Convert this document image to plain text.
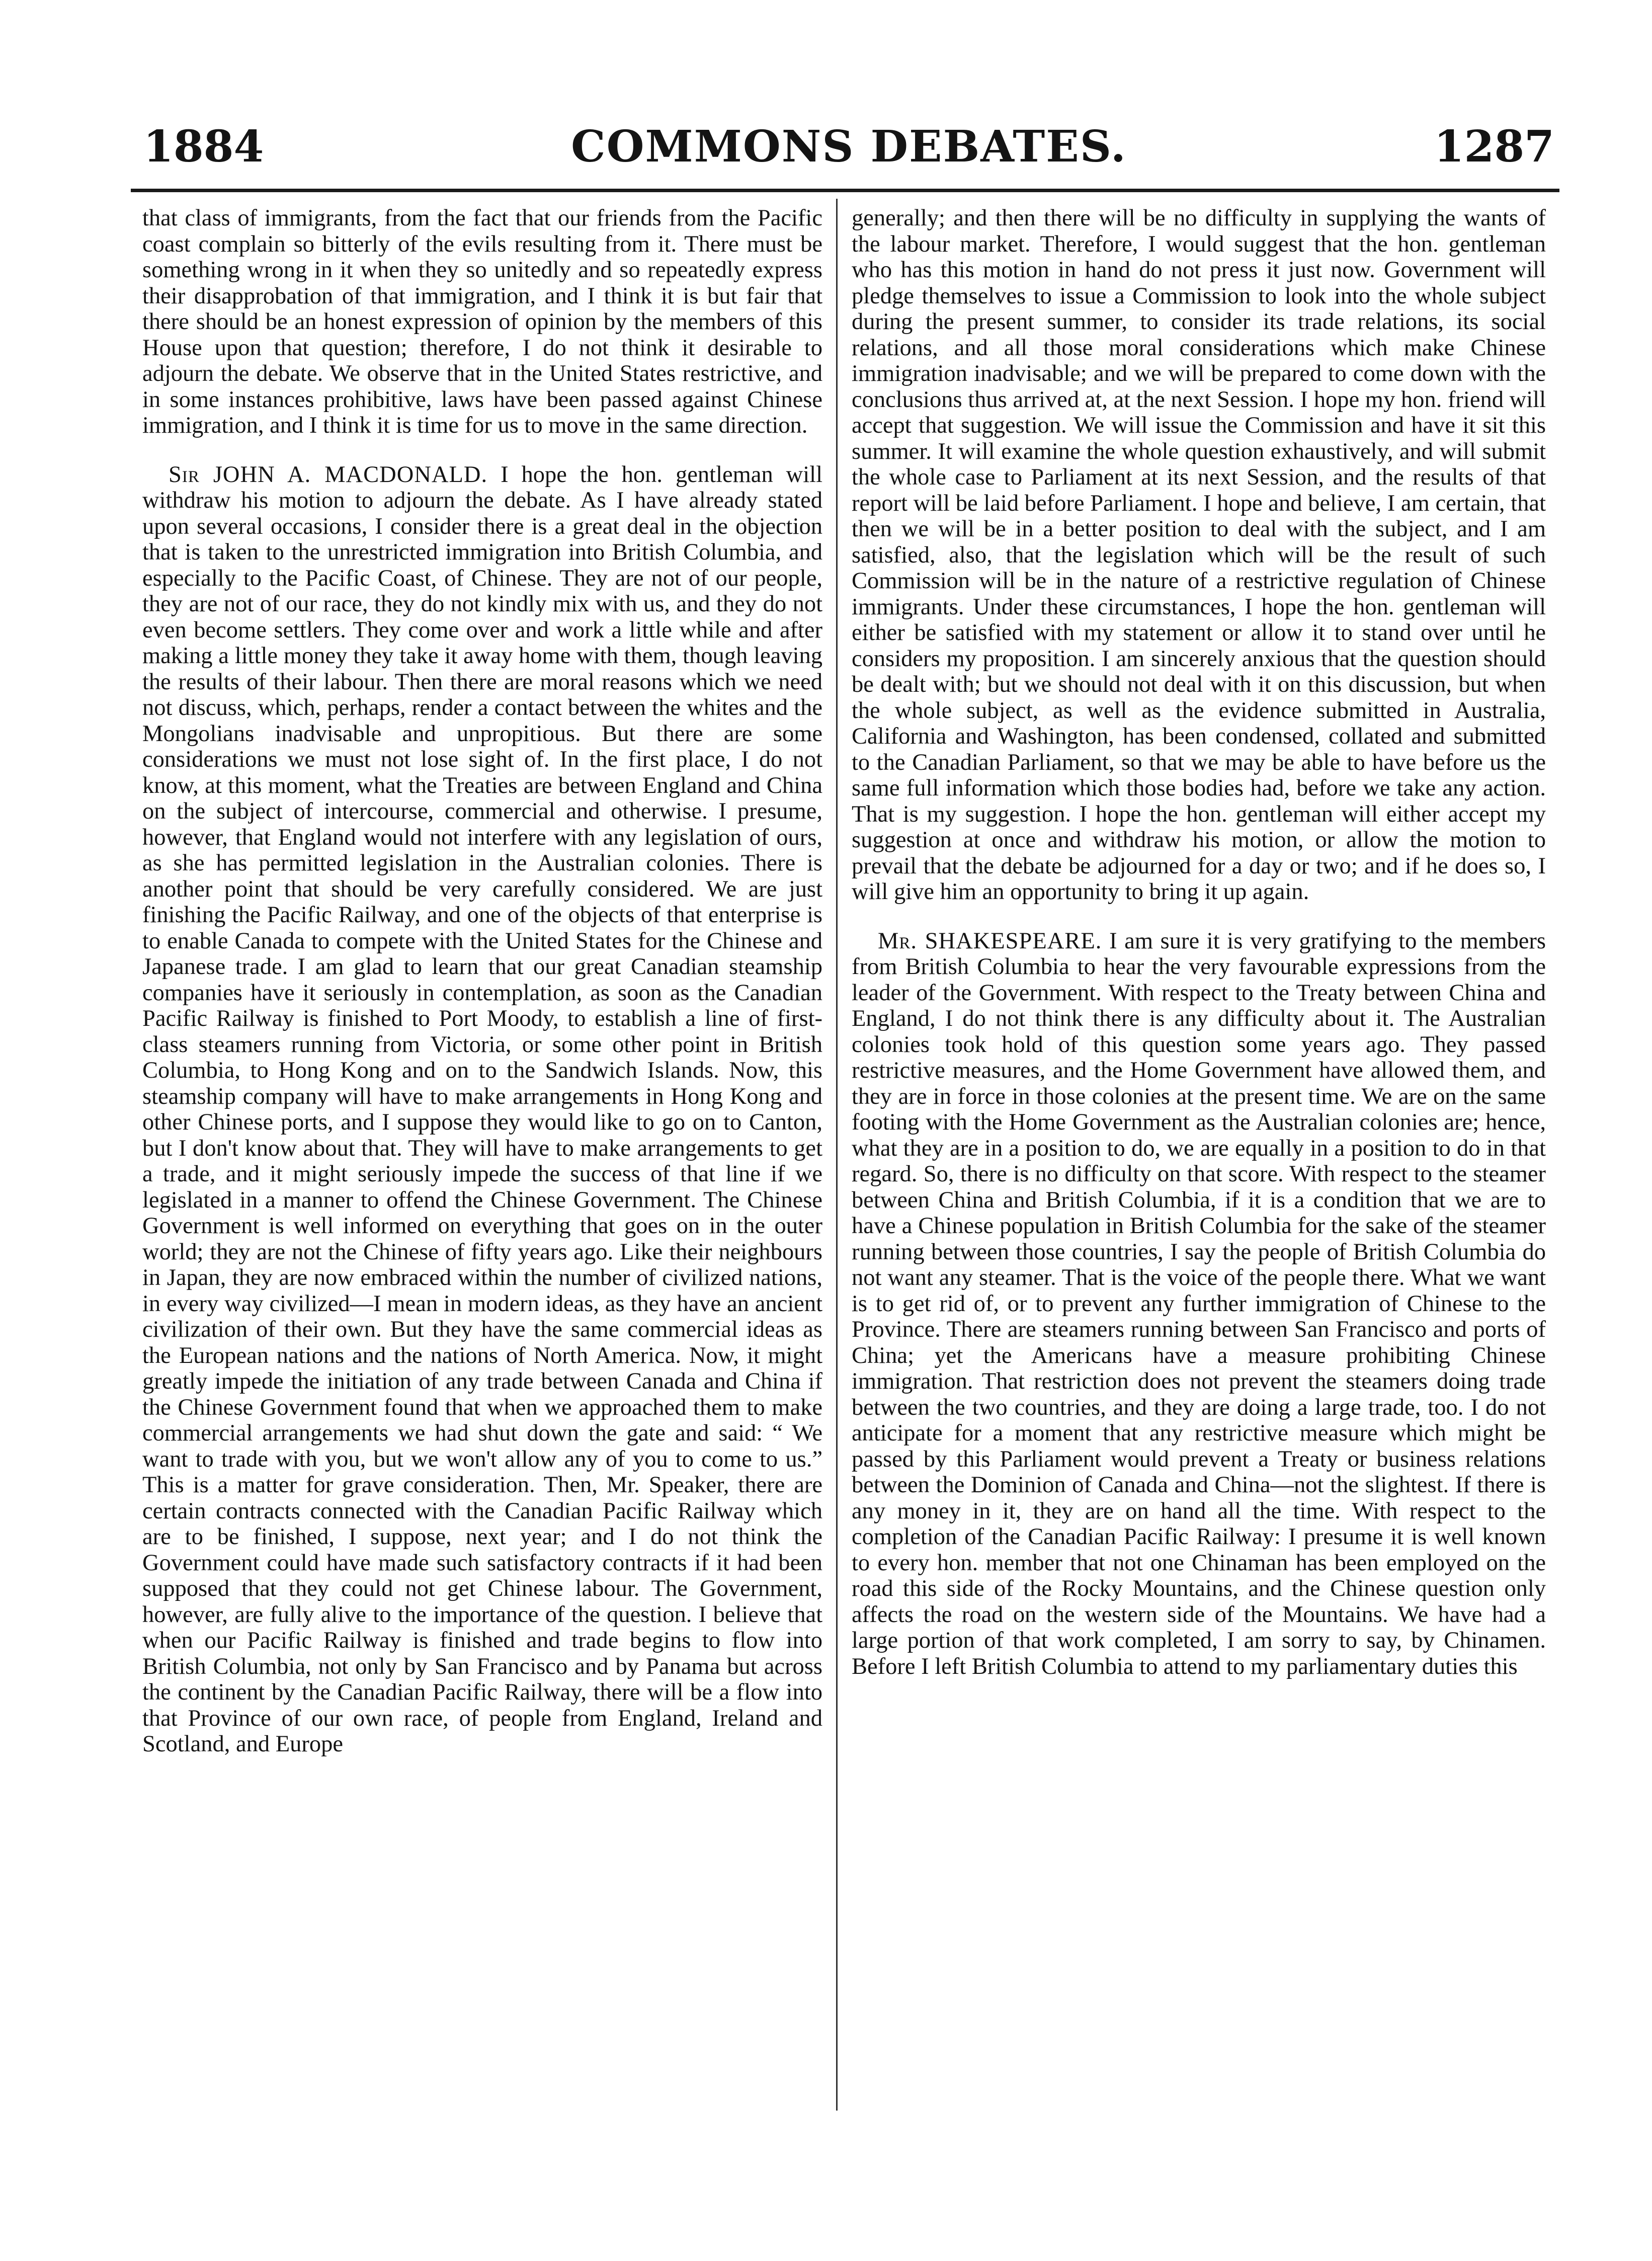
1884	COMMONS DEBATES.	1287

that class of immigrants, from the fact that our friends from the Pacific coast complain so bitterly of the evils resulting from it. There must be something wrong in it when they so unitedly and so repeatedly express their disapprobation of that immigration, and I think it is but fair that there should be an honest expression of opinion by the members of this House upon that question; therefore, I do not think it desirable to adjourn the debate. We observe that in the United States restrictive, and in some instances prohibitive, laws have been passed against Chinese immigration, and I think it is time for us to move in the same direction.

Sir JOHN A. MACDONALD. I hope the hon. gentleman will withdraw his motion to adjourn the debate. As I have already stated upon several occasions, I consider there is a great deal in the objection that is taken to the unrestricted immigration into British Columbia, and especially to the Pacific Coast, of Chinese. They are not of our people, they are not of our race, they do not kindly mix with us, and they do not even become settlers. They come over and work a little while and after making a little money they take it away home with them, though leaving the results of their labour. Then there are moral reasons which we need not discuss, which, perhaps, render a contact between the whites and the Mongolians inadvisable and unpropitious. But there are some considerations we must not lose sight of. In the first place, I do not know, at this moment, what the Treaties are between England and China on the subject of intercourse, commercial and otherwise. I presume, however, that England would not interfere with any legislation of ours, as she has permitted legislation in the Australian colonies. There is another point that should be very carefully considered. We are just finishing the Pacific Railway, and one of the objects of that enterprise is to enable Canada to compete with the United States for the Chinese and Japanese trade. I am glad to learn that our great Canadian steamship companies have it seriously in contemplation, as soon as the Canadian Pacific Railway is finished to Port Moody, to establish a line of first-class steamers running from Victoria, or some other point in British Columbia, to Hong Kong and on to the Sandwich Islands. Now, this steamship company will have to make arrangements in Hong Kong and other Chinese ports, and I suppose they would like to go on to Canton, but I don't know about that. They will have to make arrangements to get a trade, and it might seriously impede the success of that line if we legislated in a manner to offend the Chinese Government. The Chinese Government is well informed on everything that goes on in the outer world; they are not the Chinese of fifty years ago. Like their neighbours in Japan, they are now embraced within the number of civilized nations, in every way civilized—I mean in modern ideas, as they have an ancient civilization of their own. But they have the same commercial ideas as the European nations and the nations of North America. Now, it might greatly impede the initiation of any trade between Canada and China if the Chinese Government found that when we approached them to make commercial arrangements we had shut down the gate and said: “ We want to trade with you, but we won't allow any of you to come to us.” This is a matter for grave consideration. Then, Mr. Speaker, there are certain contracts connected with the Canadian Pacific Railway which are to be finished, I suppose, next year; and I do not think the Government could have made such satisfactory contracts if it had been supposed that they could not get Chinese labour. The Government, however, are fully alive to the importance of the question. I believe that when our Pacific Railway is finished and trade begins to flow into British Columbia, not only by San Francisco and by Panama but across the continent by the Canadian Pacific Railway, there will be a flow into that Province of our own race, of people from England, Ireland and Scotland, and Europe

generally; and then there will be no difficulty in supplying the wants of the labour market. Therefore, I would suggest that the hon. gentleman who has this motion in hand do not press it just now. Government will pledge themselves to issue a Commission to look into the whole subject during the present summer, to consider its trade relations, its social relations, and all those moral considerations which make Chinese immigration inadvisable; and we will be prepared to come down with the conclusions thus arrived at, at the next Session. I hope my hon. friend will accept that suggestion. We will issue the Commission and have it sit this summer. It will examine the whole question exhaustively, and will submit the whole case to Parliament at its next Session, and the results of that report will be laid before Parliament. I hope and believe, I am certain, that then we will be in a better position to deal with the subject, and I am satisfied, also, that the legislation which will be the result of such Commission will be in the nature of a restrictive regulation of Chinese immigrants. Under these circumstances, I hope the hon. gentleman will either be satisfied with my statement or allow it to stand over until he considers my proposition. I am sincerely anxious that the question should be dealt with; but we should not deal with it on this discussion, but when the whole subject, as well as the evidence submitted in Australia, California and Washington, has been condensed, collated and submitted to the Canadian Parliament, so that we may be able to have before us the same full information which those bodies had, before we take any action. That is my suggestion. I hope the hon. gentleman will either accept my suggestion at once and withdraw his motion, or allow the motion to prevail that the debate be adjourned for a day or two; and if he does so, I will give him an opportunity to bring it up again.

Mr. SHAKESPEARE. I am sure it is very gratifying to the members from British Columbia to hear the very favourable expressions from the leader of the Government. With respect to the Treaty between China and England, I do not think there is any difficulty about it. The Australian colonies took hold of this question some years ago. They passed restrictive measures, and the Home Government have allowed them, and they are in force in those colonies at the present time. We are on the same footing with the Home Government as the Australian colonies are; hence, what they are in a position to do, we are equally in a position to do in that regard. So, there is no difficulty on that score. With respect to the steamer between China and British Columbia, if it is a condition that we are to have a Chinese population in British Columbia for the sake of the steamer running between those countries, I say the people of British Columbia do not want any steamer. That is the voice of the people there. What we want is to get rid of, or to prevent any further immigration of Chinese to the Province. There are steamers running between San Francisco and ports of China; yet the Americans have a measure prohibiting Chinese immigration. That restriction does not prevent the steamers doing trade between the two countries, and they are doing a large trade, too. I do not anticipate for a moment that any restrictive measure which might be passed by this Parliament would prevent a Treaty or business relations between the Dominion of Canada and China—not the slightest. If there is any money in it, they are on hand all the time. With respect to the completion of the Canadian Pacific Railway: I presume it is well known to every hon. member that not one Chinaman has been employed on the road this side of the Rocky Mountains, and the Chinese question only affects the road on the western side of the Mountains. We have had a large portion of that work completed, I am sorry to say, by Chinamen. Before I left British Columbia to attend to my parliamentary duties this
